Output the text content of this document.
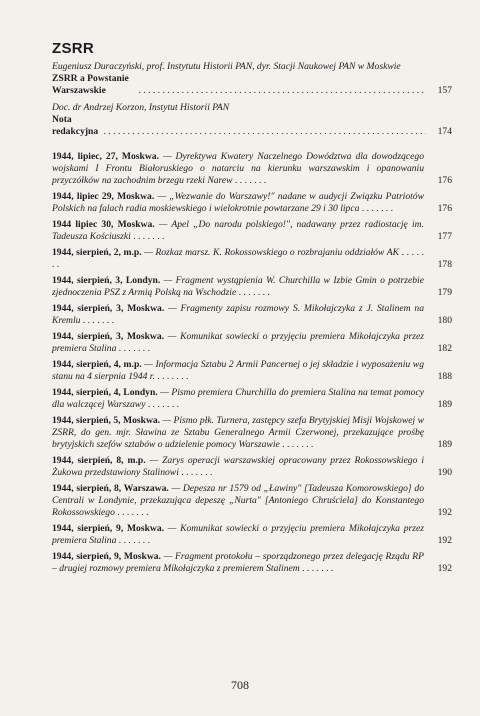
ZSRR
Eugeniusz Duraczyński, prof. Instytutu Historii PAN, dyr. Stacji Naukowej PAN w Moskwie
ZSRR a Powstanie Warszawskie . . .	157
Doc. dr Andrzej Korzon, Instytut Historii PAN
Nota redakcyjna . . .	174
1944, lipiec, 27, Moskwa. — Dyrektywa Kwatery Naczelnego Dowództwa dla dowodzącego wojskami I Frontu Białoruskiego o natarciu na kierunku warszawskim i opanowaniu przyczółków na zachodnim brzegu rzeki Narew . . . . . . .	176
1944, lipiec 29, Moskwa. — „Wezwanie do Warszawy!" nadane w audycji Związku Patriotów Polskich na falach radia moskiewskiego i wielokrotnie powtarzane 29 i 30 lipca . . . . . . .	176
1944 lipiec 30, Moskwa. — Apel „Do narodu polskiego!", nadawany przez radiostację im. Tadeusza Kościuszki . . . . . . .	177
1944, sierpień, 2, m.p. — Rozkaz marsz. K. Rokossowskiego o rozbrajaniu oddziałów AK . . . . . . .	178
1944, sierpień, 3, Londyn. — Fragment wystąpienia W. Churchilla w Izbie Gmin o potrzebie zjednoczenia PSZ z Armią Polską na Wschodzie . . . . . . .	179
1944, sierpień, 3, Moskwa. — Fragmenty zapisu rozmowy S. Mikołajczyka z J. Stalinem na Kremlu . . . . . . .	180
1944, sierpień, 3, Moskwa. — Komunikat sowiecki o przyjęciu premiera Mikołajczyka przez premiera Stalina . . . . . . .	182
1944, sierpień, 4, m.p. — Informacja Sztabu 2 Armii Pancernej o jej składzie i wyposażeniu wg stanu na 4 sierpnia 1944 r. . . . . . . .	188
1944, sierpień, 4, Londyn. — Pismo premiera Churchilla do premiera Stalina na temat pomocy dla walczącej Warszawy . . . . . . .	189
1944, sierpień, 5, Moskwa. — Pismo płk. Turnera, zastępcy szefa Brytyjskiej Misji Wojskowej w ZSRR, do gen. mjr. Sławina ze Sztabu Generalnego Armii Czerwonej, przekazujące prośbę brytyjskich szefów sztabów o udzielenie pomocy Warszawie . . . . . . .	189
1944, sierpień, 8, m.p. — Zarys operacji warszawskiej opracowany przez Rokossowskiego i Żukowa przedstawiony Stalinowi . . . . . . .	190
1944, sierpień, 8, Warszawa. — Depesza nr 1579 od „Ławiny" [Tadeusza Komorowskiego] do Centrali w Londynie, przekazująca depeszę „Nurta" [Antoniego Chruściela] do Konstantego Rokossowskiego . . . . . . .	192
1944, sierpień, 9, Moskwa. — Komunikat sowiecki o przyjęciu premiera Mikołajczyka przez premiera Stalina . . . . . . .	192
1944, sierpień, 9, Moskwa. — Fragment protokołu – sporządzonego przez delegację Rządu RP – drugiej rozmowy premiera Mikołajczyka z premierem Stalinem . . . . . . .	192
708
